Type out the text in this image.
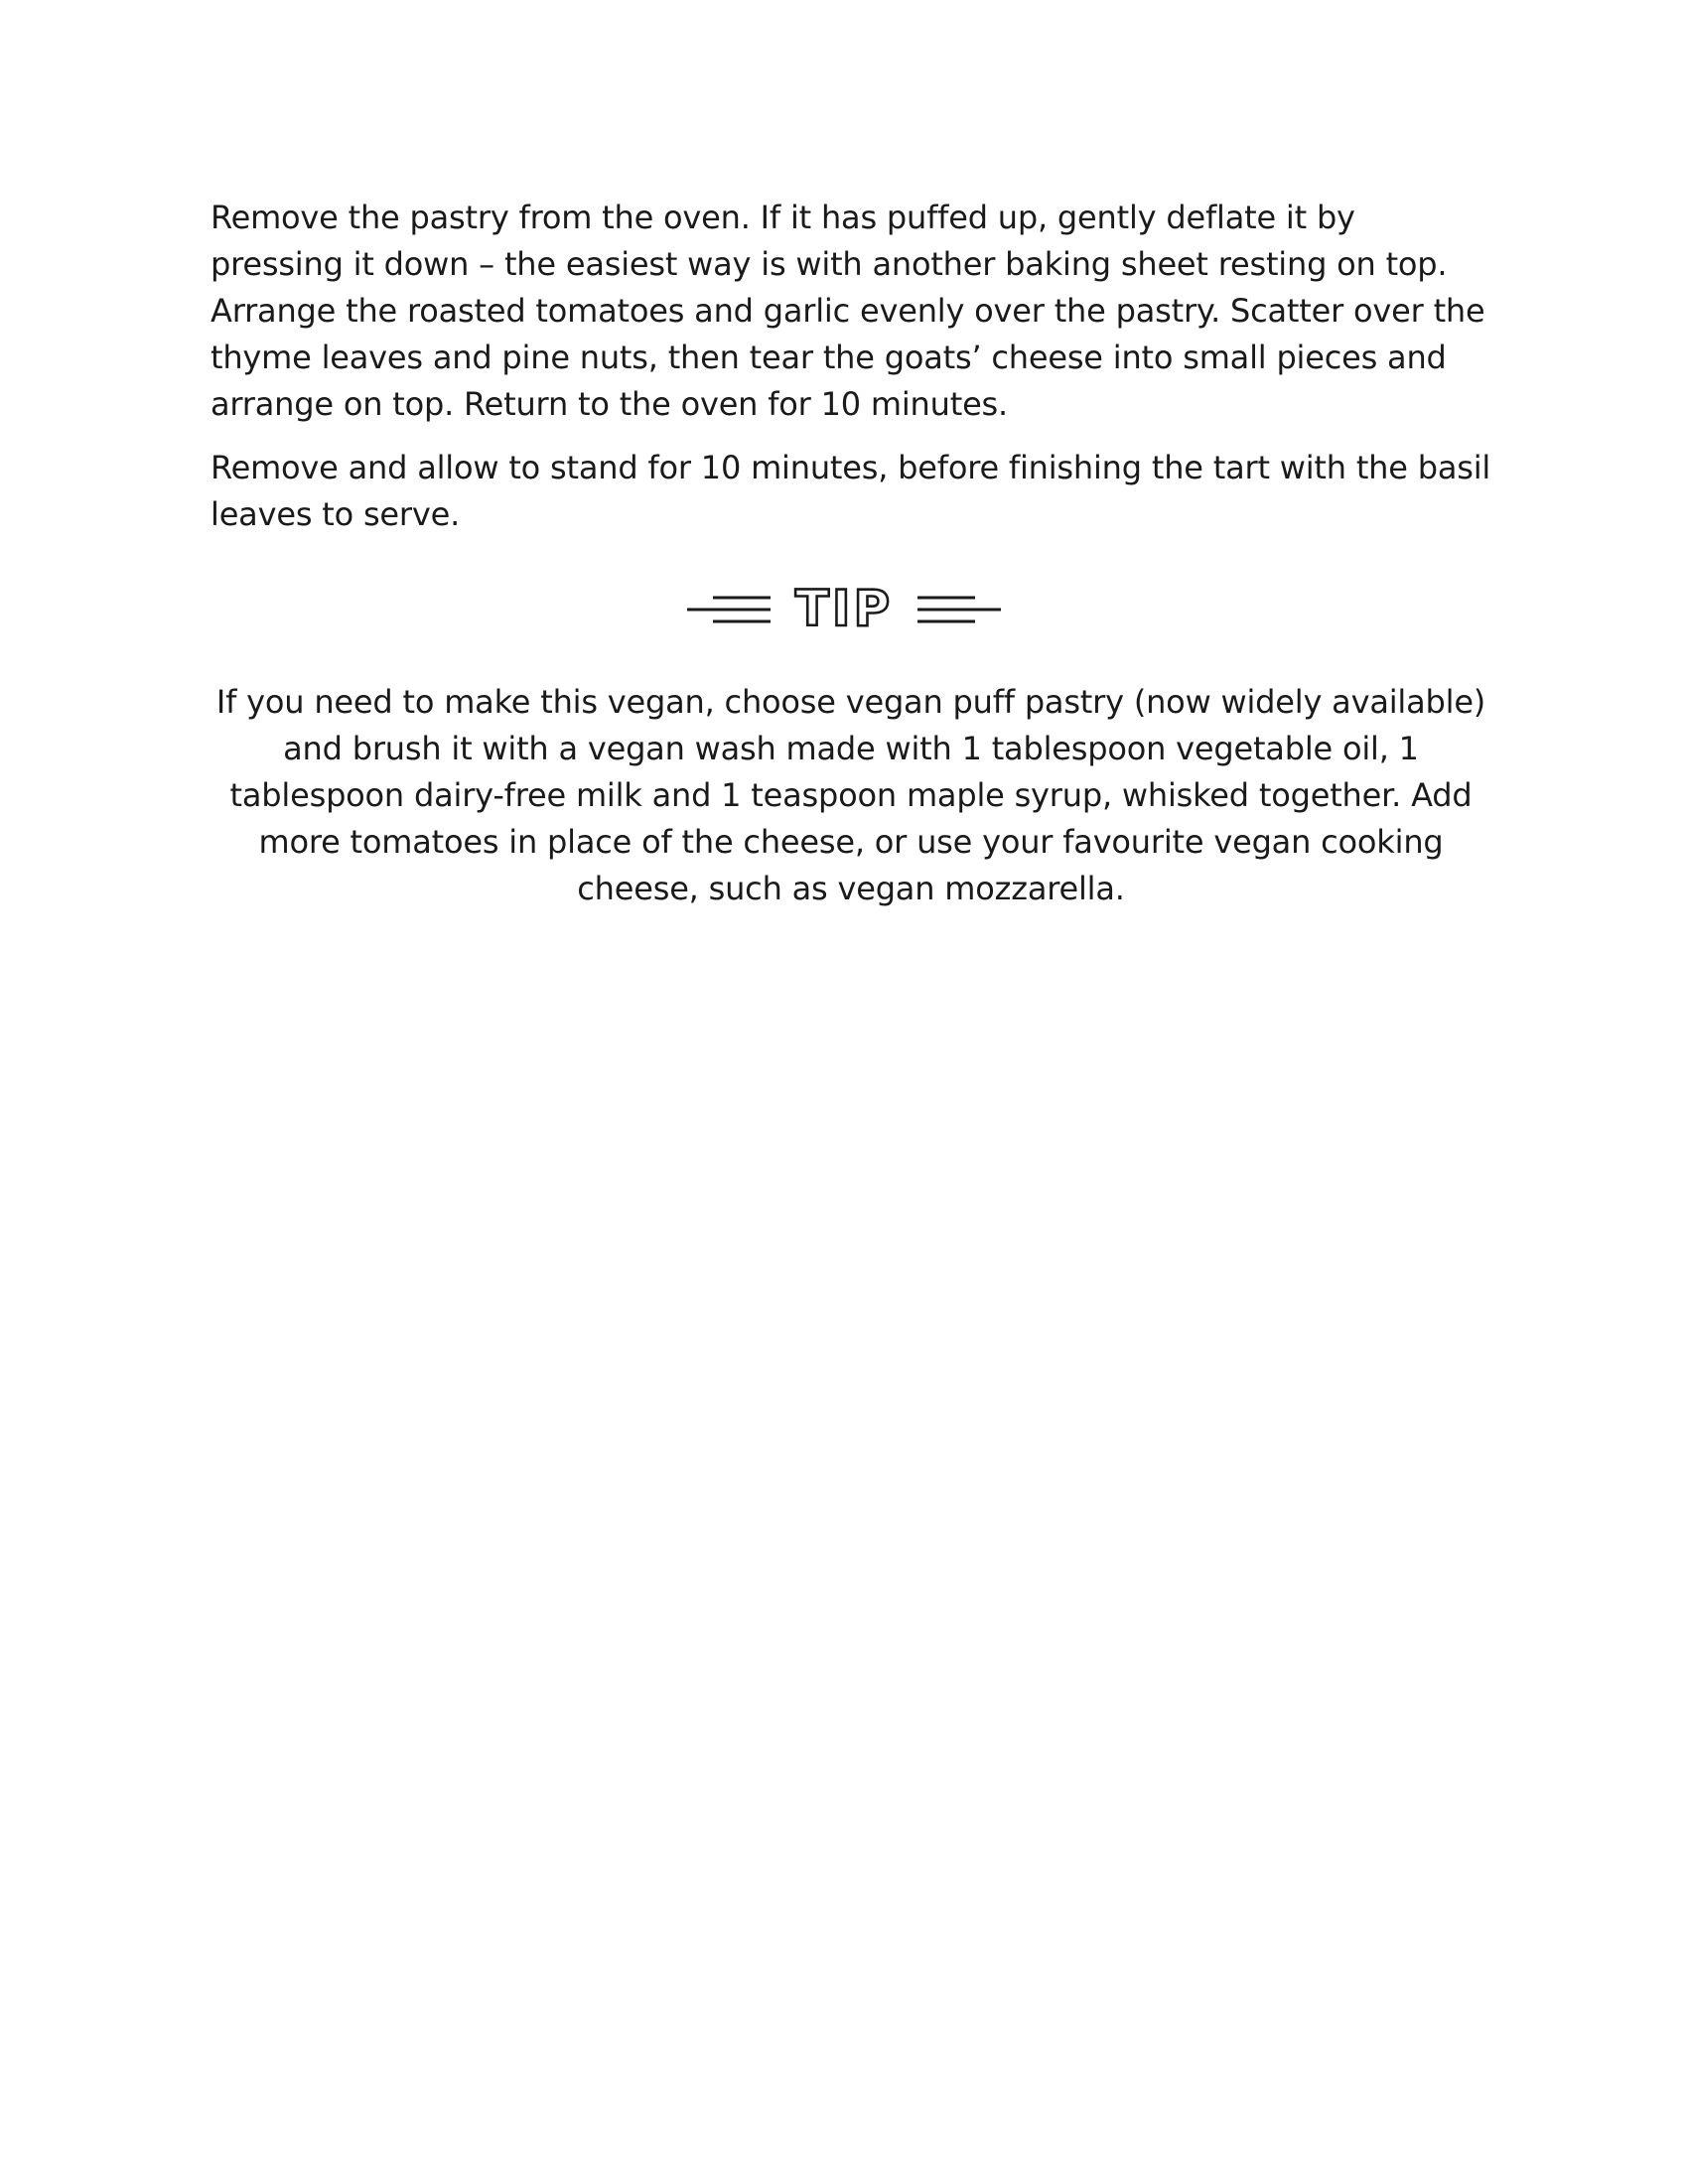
Remove the pastry from the oven. If it has puffed up, gently deflate it by pressing it down – the easiest way is with another baking sheet resting on top. Arrange the roasted tomatoes and garlic evenly over the pastry. Scatter over the thyme leaves and pine nuts, then tear the goats’ cheese into small pieces and arrange on top. Return to the oven for 10 minutes.

Remove and allow to stand for 10 minutes, before finishing the tart with the basil leaves to serve.

TIP

If you need to make this vegan, choose vegan puff pastry (now widely available) and brush it with a vegan wash made with 1 tablespoon vegetable oil, 1 tablespoon dairy-free milk and 1 teaspoon maple syrup, whisked together. Add more tomatoes in place of the cheese, or use your favourite vegan cooking cheese, such as vegan mozzarella.
